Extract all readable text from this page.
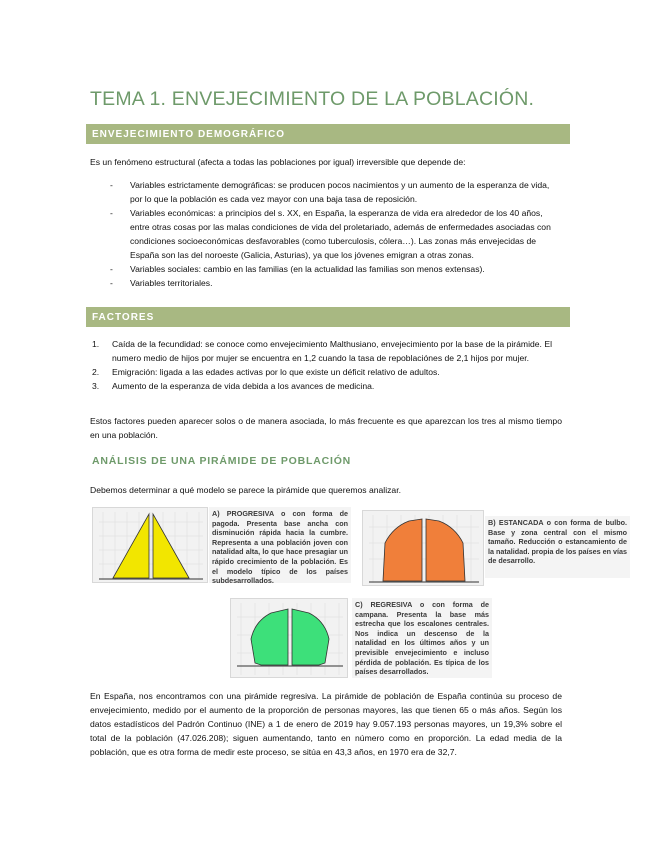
TEMA 1. ENVEJECIMIENTO DE LA POBLACIÓN.
ENVEJECIMIENTO DEMOGRÁFICO
Es un fenómeno estructural (afecta a todas las poblaciones por igual) irreversible que depende de:
- Variables estrictamente demográficas: se producen pocos nacimientos y un aumento de la esperanza de vida, por lo que la población es cada vez mayor con una baja tasa de reposición.
- Variables económicas: a principios del s. XX, en España, la esperanza de vida era alrededor de los 40 años, entre otras cosas por las malas condiciones de vida del proletariado, además de enfermedades asociadas con condiciones socioeconómicas desfavorables (como tuberculosis, cólera…). Las zonas más envejecidas de España son las del noroeste (Galicia, Asturias), ya que los jóvenes emigran a otras zonas.
- Variables sociales: cambio en las familias (en la actualidad las familias son menos extensas).
- Variables territoriales.
FACTORES
1. Caída de la fecundidad: se conoce como envejecimiento Malthusiano, envejecimiento por la base de la pirámide. El numero medio de hijos por mujer se encuentra en 1,2 cuando la tasa de repoblaciónes de 2,1 hijos por mujer.
2. Emigración: ligada a las edades activas por lo que existe un déficit relativo de adultos.
3. Aumento de la esperanza de vida debida a los avances de medicina.
Estos factores pueden aparecer solos o de manera asociada, lo más frecuente es que aparezcan los tres al mismo tiempo en una población.
ANÁLISIS DE UNA PIRÁMIDE DE POBLACIÓN
Debemos determinar a qué modelo se parece la pirámide que queremos analizar.
A) PROGRESIVA o con forma de pagoda. Presenta base ancha con disminución rápida hacia la cumbre. Representa a una población joven con natalidad alta, lo que hace presagiar un rápido crecimiento de la población. Es el modelo típico de los países subdesarrollados.
B) ESTANCADA o con forma de bulbo. Base y zona central con el mismo tamaño. Reducción o estancamiento de la natalidad. propia de los países en vías de desarrollo.
C) REGRESIVA o con forma de campana. Presenta la base más estrecha que los escalones centrales. Nos indica un descenso de la natalidad en los últimos años y un previsible envejecimiento e incluso pérdida de población. Es típica de los países desarrollados.
En España, nos encontramos con una pirámide regresiva. La pirámide de población de España continúa su proceso de envejecimiento, medido por el aumento de la proporción de personas mayores, las que tienen 65 o más años. Según los datos estadísticos del Padrón Continuo (INE) a 1 de enero de 2019 hay 9.057.193 personas mayores, un 19,3% sobre el total de la población (47.026.208); siguen aumentando, tanto en número como en proporción. La edad media de la población, que es otra forma de medir este proceso, se sitúa en 43,3 años, en 1970 era de 32,7.
